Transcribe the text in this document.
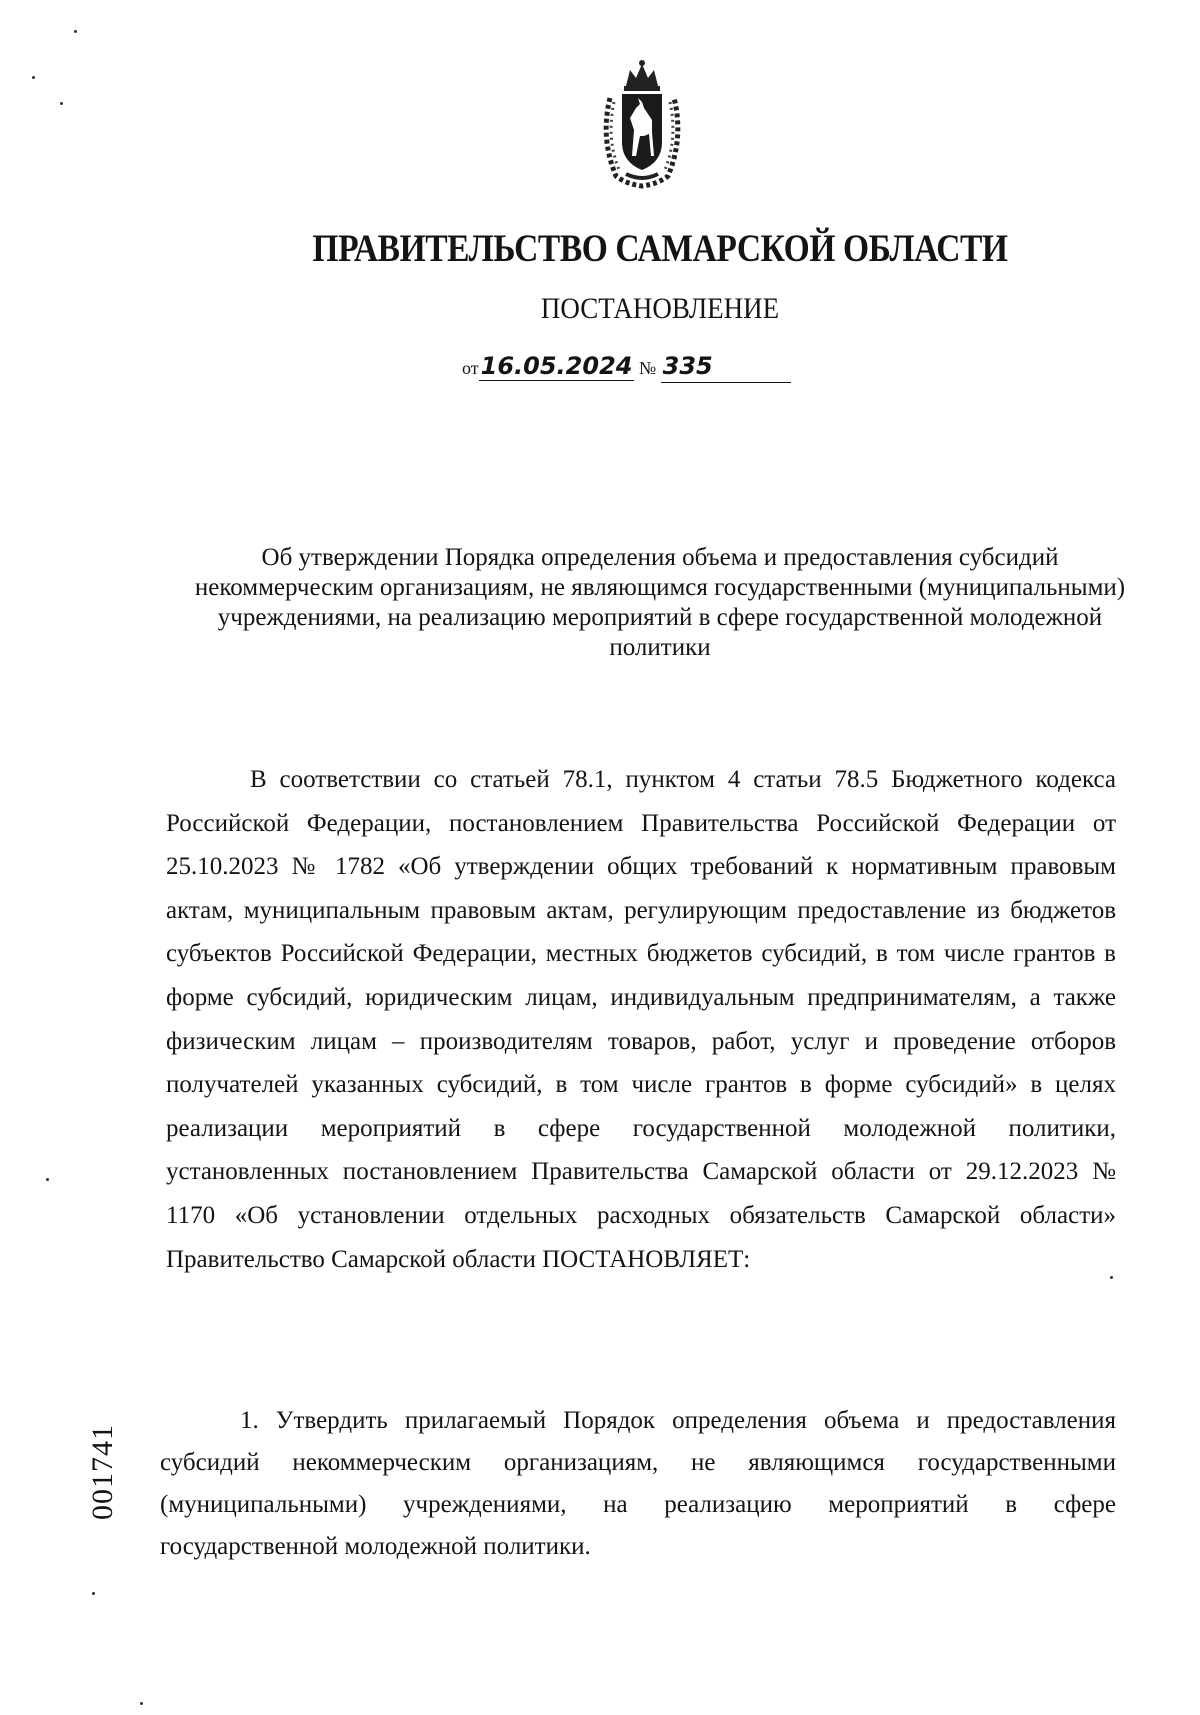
ПРАВИТЕЛЬСТВО САМАРСКОЙ ОБЛАСТИ
ПОСТАНОВЛЕНИЕ
от16.05.2024 № 335
Об утверждении Порядка определения объема и предоставления субсидий некоммерческим организациям, не являющимся государственными (муниципальными) учреждениями, на реализацию мероприятий в сфере государственной молодежной политики
В соответствии со статьей 78.1, пунктом 4 статьи 78.5 Бюджетного кодекса Российской Федерации, постановлением Правительства Российской Федерации от 25.10.2023 № 1782 «Об утверждении общих требований к нормативным правовым актам, муниципальным правовым актам, регулирующим предоставление из бюджетов субъектов Российской Федерации, местных бюджетов субсидий, в том числе грантов в форме субсидий, юридическим лицам, индивидуальным предпринимателям, а также физическим лицам – производителям товаров, работ, услуг и проведение отборов получателей указанных субсидий, в том числе грантов в форме субсидий» в целях реализации мероприятий в сфере государственной молодежной политики, установленных постановлением Правительства Самарской области от 29.12.2023 № 1170 «Об установлении отдельных расходных обязательств Самарской области» Правительство Самарской области ПОСТАНОВЛЯЕТ:
1. Утвердить прилагаемый Порядок определения объема и предоставления субсидий некоммерческим организациям, не являющимся государственными (муниципальными) учреждениями, на реализацию мероприятий в сфере государственной молодежной политики.
001741
